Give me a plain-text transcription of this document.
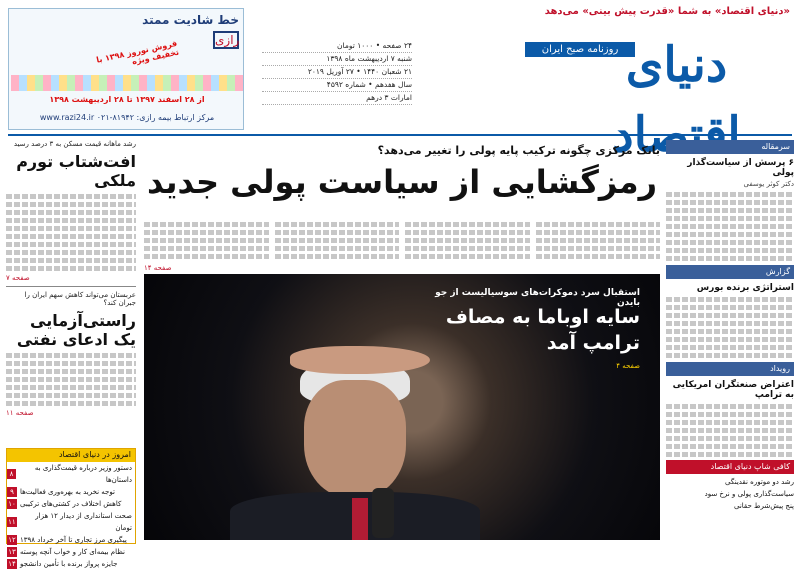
«دنیای اقتصاد» به شما «قدرت پیش بینی» می‌دهد
روزنامه صبح ایران دنیای
۲۴ صفحه • ۱۰۰۰ تومان
شنبه ۷ اردیبهشت ماه ۱۳۹۸
۲۱ شعبان ۱۴۴۰ • ۲۷ آوریل ۲۰۱۹
سال هفدهم • شماره ۴۵۹۲
امارات ۳ درهم
خط شادیت ممتد
رازی
فروش نوروز ۱۳۹۸ با تخفیف ویژه
از ۲۸ اسفند ۱۳۹۷ تا ۲۸ اردیبهشت ۱۳۹۸
مرکز ارتباط بیمه رازی: ۸۱۹۴۲-۰۲۱ www.razi24.ir
بانک مرکزی چگونه ترکیب پایه پولی را تغییر می‌دهد؟
رمزگشایی از سیاست پولی جدید
صفحه ۱۴
استقبال سرد دموکرات‌های سوسیالیست از جو بایدن
سایه اوباما به مصاف ترامپ آمد
صفحه ۴
سرمقاله
۶ پرسش از سیاست‌گذار پولی
دکتر کوثر یوسفی
گزارش
استراتژی برنده بورس
رویداد
اعتراض صنعتگران امریکایی به ترامپ
کافی شاپ دنیای اقتصاد
رشد دو موتوره نقدینگی
سیاست‌گذاری پولی و نرخ سود
پنج پیش‌شرط حقانی
رشد ماهانه قیمت مسکن به ۳ درصد رسید
افت‌شتاب تورم ملکی
صفحه ۷
عربستان می‌تواند کاهش سهم ایران را جبران کند؟
راستی‌آزمایی یک ادعای نفتی
صفحه ۱۱
امروز در دنیای اقتصاد
۸
دستور وزیر درباره قیمت‌گذاری به داستان‌ها
۹ توجه نخرید به بهره‌وری فعالیت‌ها
۱۰ کاهش اختلاف در کشتی‌های ترکیبی
۱۱
صحت استانداری از دیدار ۱۲ هزار تومان
۱۲ پیگیری مرز تجاری تا آخر خرداد ۱۳۹۸
۱۳ نظام بیمه‌ای کار و خواب آنچه پوسته
۱۴ جایزه پرواز برنده با تأمین دانشجو
